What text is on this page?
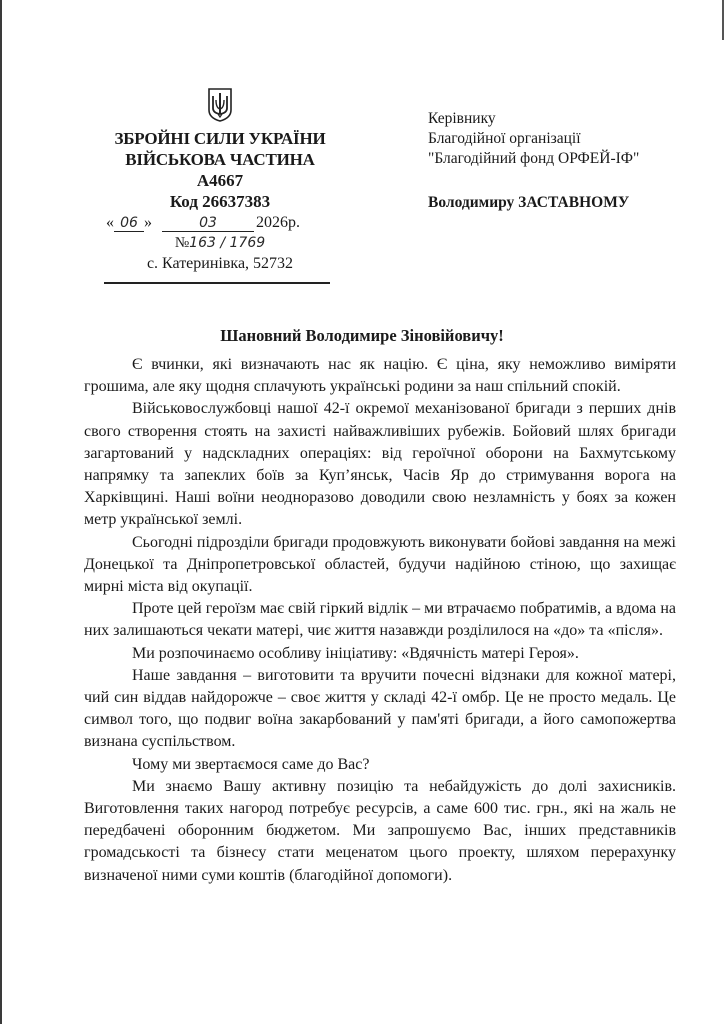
ЗБРОЙНІ СИЛИ УКРАЇНИ
ВІЙСЬКОВА ЧАСТИНА
А4667
Код 26637383
« 06 »	03 2026р.
№163 / 1769
с. Катеринівка, 52732
Керівнику
Благодійної організації
"Благодійний фонд ОРФЕЙ-ІФ"
Володимиру ЗАСТАВНОМУ
Шановний Володимире Зіновійовичу!

Є вчинки, які визначають нас як націю. Є ціна, яку неможливо виміряти грошима, але яку щодня сплачують українські родини за наш спільний спокій.

Військовослужбовці нашої 42-ї окремої механізованої бригади з перших днів свого створення стоять на захисті найважливіших рубежів. Бойовий шлях бригади загартований у надскладних операціях: від героїчної оборони на Бахмутському напрямку та запеклих боїв за Куп’янськ, Часів Яр до стримування ворога на Харківщині. Наші воїни неодноразово доводили свою незламність у боях за кожен метр української землі.

Сьогодні підрозділи бригади продовжують виконувати бойові завдання на межі Донецької та Дніпропетровської областей, будучи надійною стіною, що захищає мирні міста від окупації.

Проте цей героїзм має свій гіркий відлік – ми втрачаємо побратимів, а вдома на них залишаються чекати матері, чиє життя назавжди розділилося на «до» та «після».

Ми розпочинаємо особливу ініціативу: «Вдячність матері Героя».

Наше завдання – виготовити та вручити почесні відзнаки для кожної матері, чий син віддав найдорожче – своє життя у складі 42-ї омбр. Це не просто медаль. Це символ того, що подвиг воїна закарбований у пам'яті бригади, а його самопожертва визнана суспільством.

Чому ми звертаємося саме до Вас?

Ми знаємо Вашу активну позицію та небайдужість до долі захисників. Виготовлення таких нагород потребує ресурсів, а саме 600 тис. грн., які на жаль не передбачені оборонним бюджетом. Ми запрошуємо Вас, інших представників громадськості та бізнесу стати меценатом цього проекту, шляхом перерахунку визначеної ними суми коштів (благодійної допомоги).
